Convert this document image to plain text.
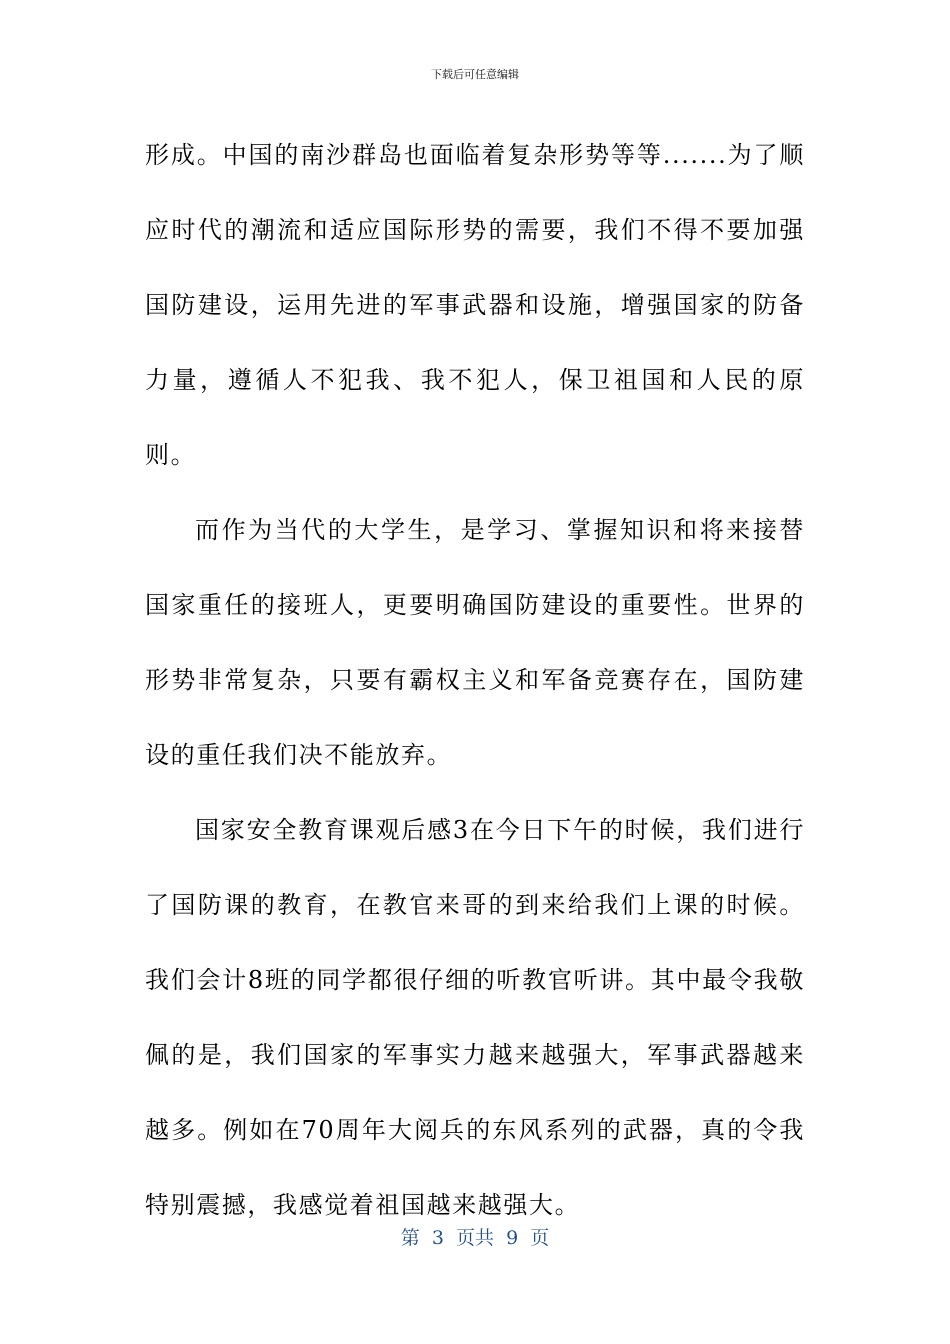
下载后可任意编辑

形成。中国的南沙群岛也面临着复杂形势等等.......为了顺应时代的潮流和适应国际形势的需要，我们不得不要加强国防建设，运用先进的军事武器和设施，增强国家的防备力量，遵循人不犯我、我不犯人，保卫祖国和人民的原则。

而作为当代的大学生，是学习、掌握知识和将来接替国家重任的接班人，更要明确国防建设的重要性。世界的形势非常复杂，只要有霸权主义和军备竞赛存在，国防建设的重任我们决不能放弃。

国家安全教育课观后感3在今日下午的时候，我们进行了国防课的教育，在教官来哥的到来给我们上课的时候。我们会计8班的同学都很仔细的听教官听讲。其中最令我敬佩的是，我们国家的军事实力越来越强大，军事武器越来越多。例如在70周年大阅兵的东风系列的武器，真的令我特别震撼，我感觉着祖国越来越强大。

第  3  页共  9  页
